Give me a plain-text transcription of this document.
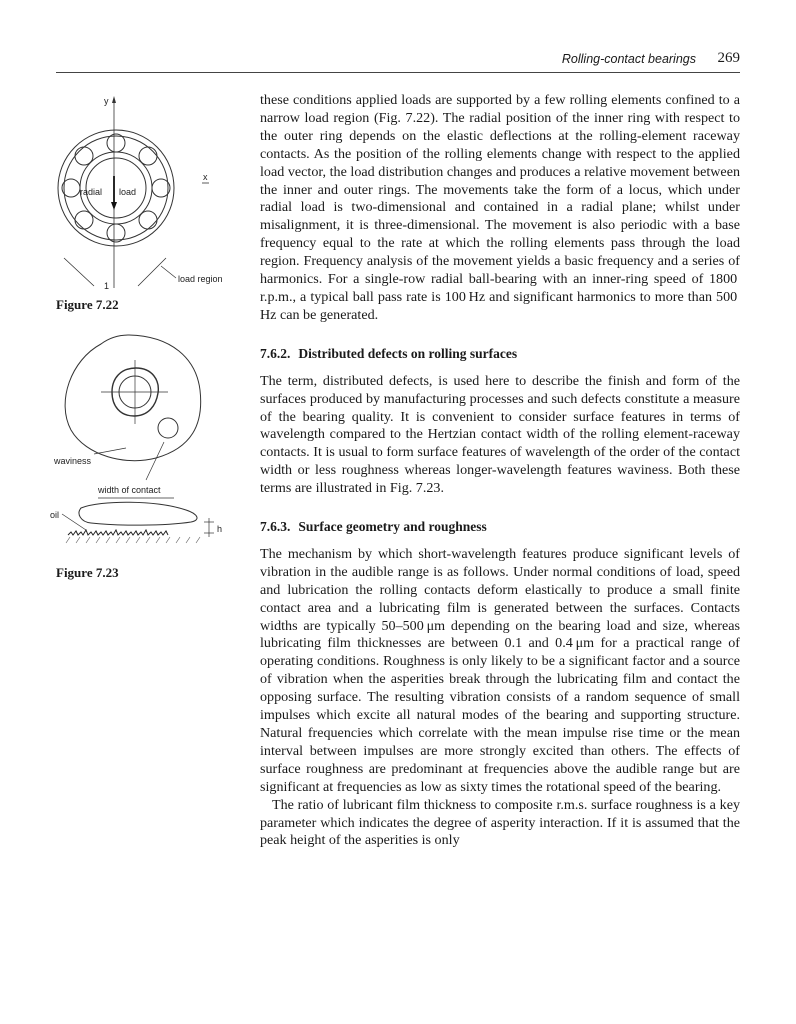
Rolling-contact bearings 269
y
radial load
x
load region
1
Figure 7.22
waviness
width of contact
oil
h
Figure 7.23

these conditions applied loads are supported by a few rolling elements confined to a narrow load region (Fig. 7.22). The radial position of the inner ring with respect to the outer ring depends on the elastic deflections at the rolling-element raceway contacts. As the position of the rolling elements change with respect to the applied load vector, the load distribution changes and produces a relative movement between the inner and outer rings. The movements take the form of a locus, which under radial load is two-dimensional and contained in a radial plane; whilst under misalignment, it is three-dimensional. The movement is also periodic with a base frequency equal to the rate at which the rolling elements pass through the load region. Frequency analysis of the movement yields a basic frequency and a series of harmonics. For a single-row radial ball-bearing with an inner-ring speed of 1800 r.p.m., a typical ball pass rate is 100 Hz and significant harmonics to more than 500 Hz can be generated.

7.6.2. Distributed defects on rolling surfaces

The term, distributed defects, is used here to describe the finish and form of the surfaces produced by manufacturing processes and such defects constitute a measure of the bearing quality. It is convenient to consider surface features in terms of wavelength compared to the Hertzian contact width of the rolling element-raceway contacts. It is usual to form surface features of wavelength of the order of the contact width or less roughness whereas longer-wavelength features waviness. Both these terms are illustrated in Fig. 7.23.

7.6.3. Surface geometry and roughness

The mechanism by which short-wavelength features produce significant levels of vibration in the audible range is as follows. Under normal conditions of load, speed and lubrication the rolling contacts deform elastically to produce a small finite contact area and a lubricating film is generated between the surfaces. Contacts widths are typically 50–500 μm depending on the bearing load and size, whereas lubricating film thicknesses are between 0.1 and 0.4 μm for a practical range of operating conditions. Roughness is only likely to be a significant factor and a source of vibration when the asperities break through the lubricating film and contact the opposing surface. The resulting vibration consists of a random sequence of small impulses which excite all natural modes of the bearing and supporting structure. Natural frequencies which correlate with the mean impulse rise time or the mean interval between impulses are more strongly excited than others. The effects of surface roughness are predominant at frequencies above the audible range but are significant at frequencies as low as sixty times the rotational speed of the bearing.

The ratio of lubricant film thickness to composite r.m.s. surface roughness is a key parameter which indicates the degree of asperity interaction. If it is assumed that the peak height of the asperities is only
